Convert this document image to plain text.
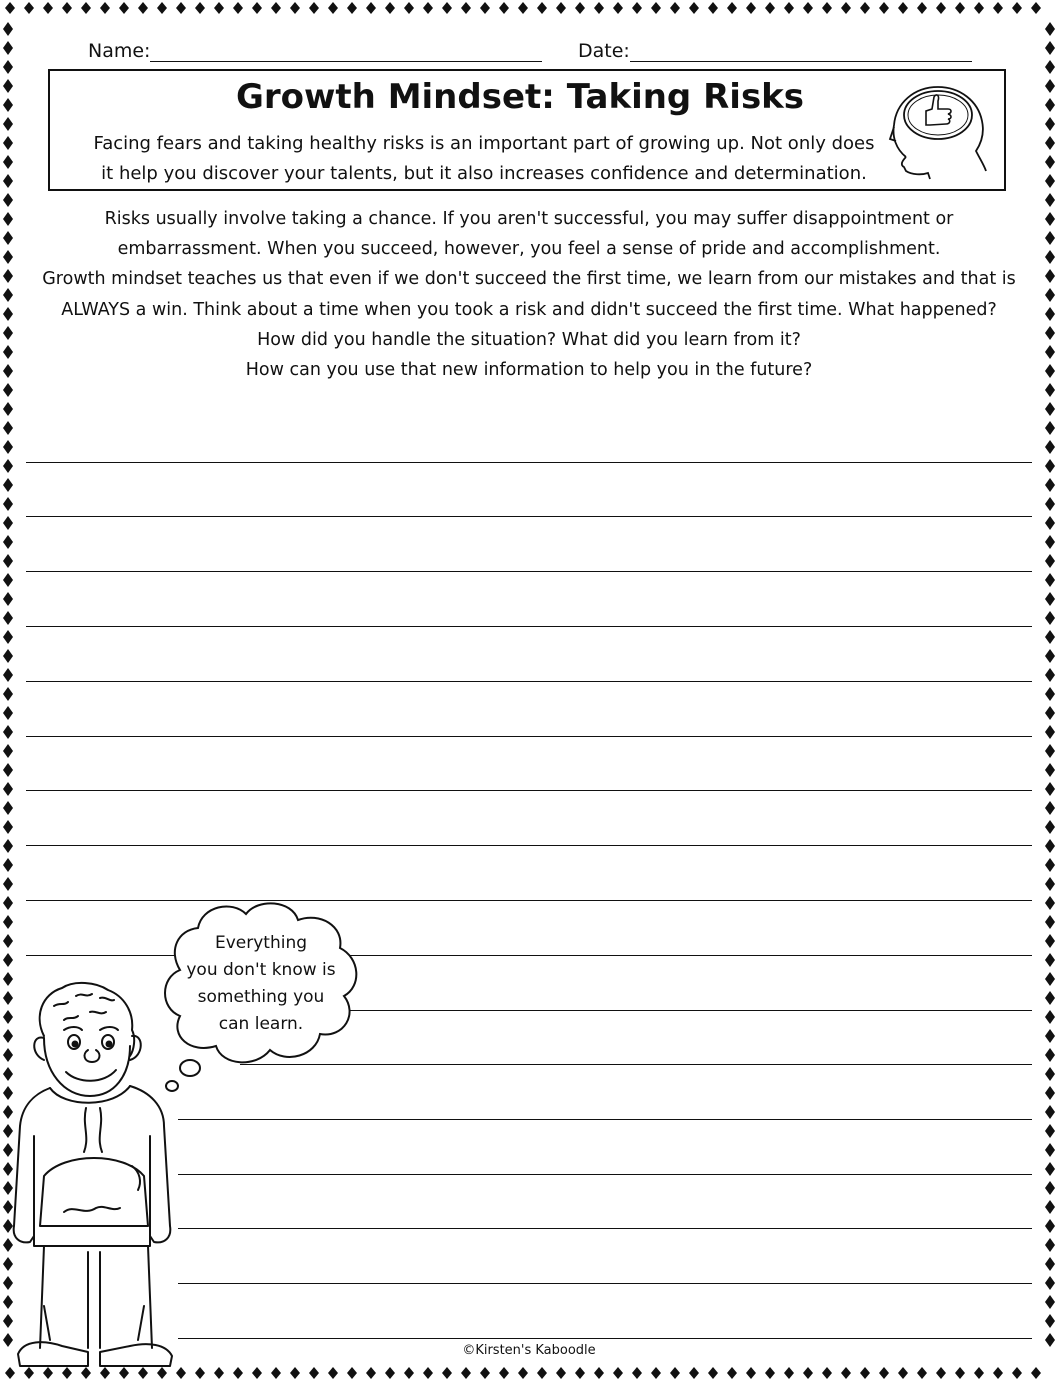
Name:	Date:
Growth Mindset: Taking Risks
Facing fears and taking healthy risks is an important part of growing up. Not only does
it help you discover your talents, but it also increases confidence and determination.

Risks usually involve taking a chance. If you aren't successful, you may suffer disappointment or

embarrassment. When you succeed, however, you feel a sense of pride and accomplishment.

Growth mindset teaches us that even if we don't succeed the first time, we learn from our mistakes and that is

ALWAYS a win. Think about a time when you took a risk and didn't succeed the first time. What happened?

How did you handle the situation? What did you learn from it?

How can you use that new information to help you in the future?

Everything
you don't know is
something you
can learn.
©Kirsten's Kaboodle
